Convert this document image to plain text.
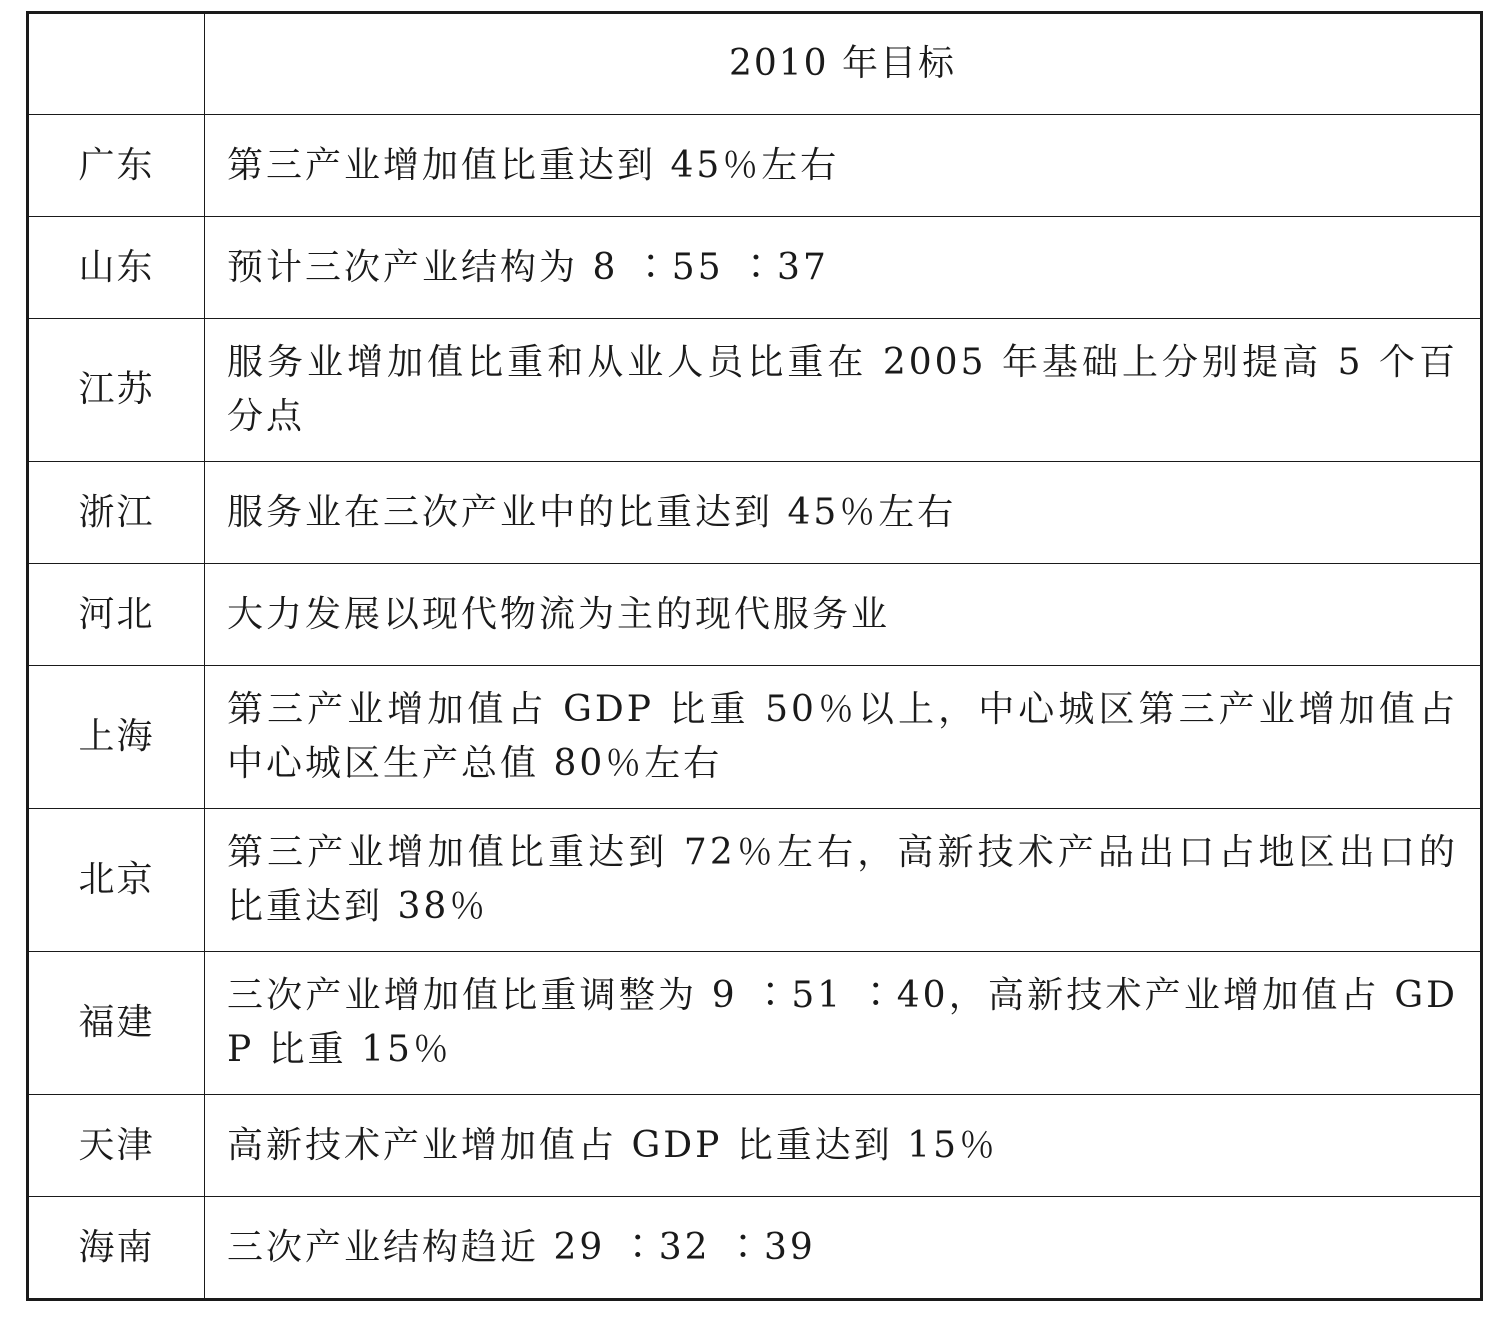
	2010 年目标
广东	第三产业增加值比重达到 45％左右
山东	预计三次产业结构为 8 ∶55 ∶37
江苏	服务业增加值比重和从业人员比重在 2005 年基础上分别提高 5 个百分点
浙江	服务业在三次产业中的比重达到 45％左右
河北	大力发展以现代物流为主的现代服务业
上海	第三产业增加值占 GDP 比重 50％以上，中心城区第三产业增加值占中心城区生产总值 80％左右
北京	第三产业增加值比重达到 72％左右，高新技术产品出口占地区出口的比重达到 38％
福建	三次产业增加值比重调整为 9 ∶51 ∶40，高新技术产业增加值占 GDP 比重 15％
天津	高新技术产业增加值占 GDP 比重达到 15％
海南	三次产业结构趋近 29 ∶32 ∶39
